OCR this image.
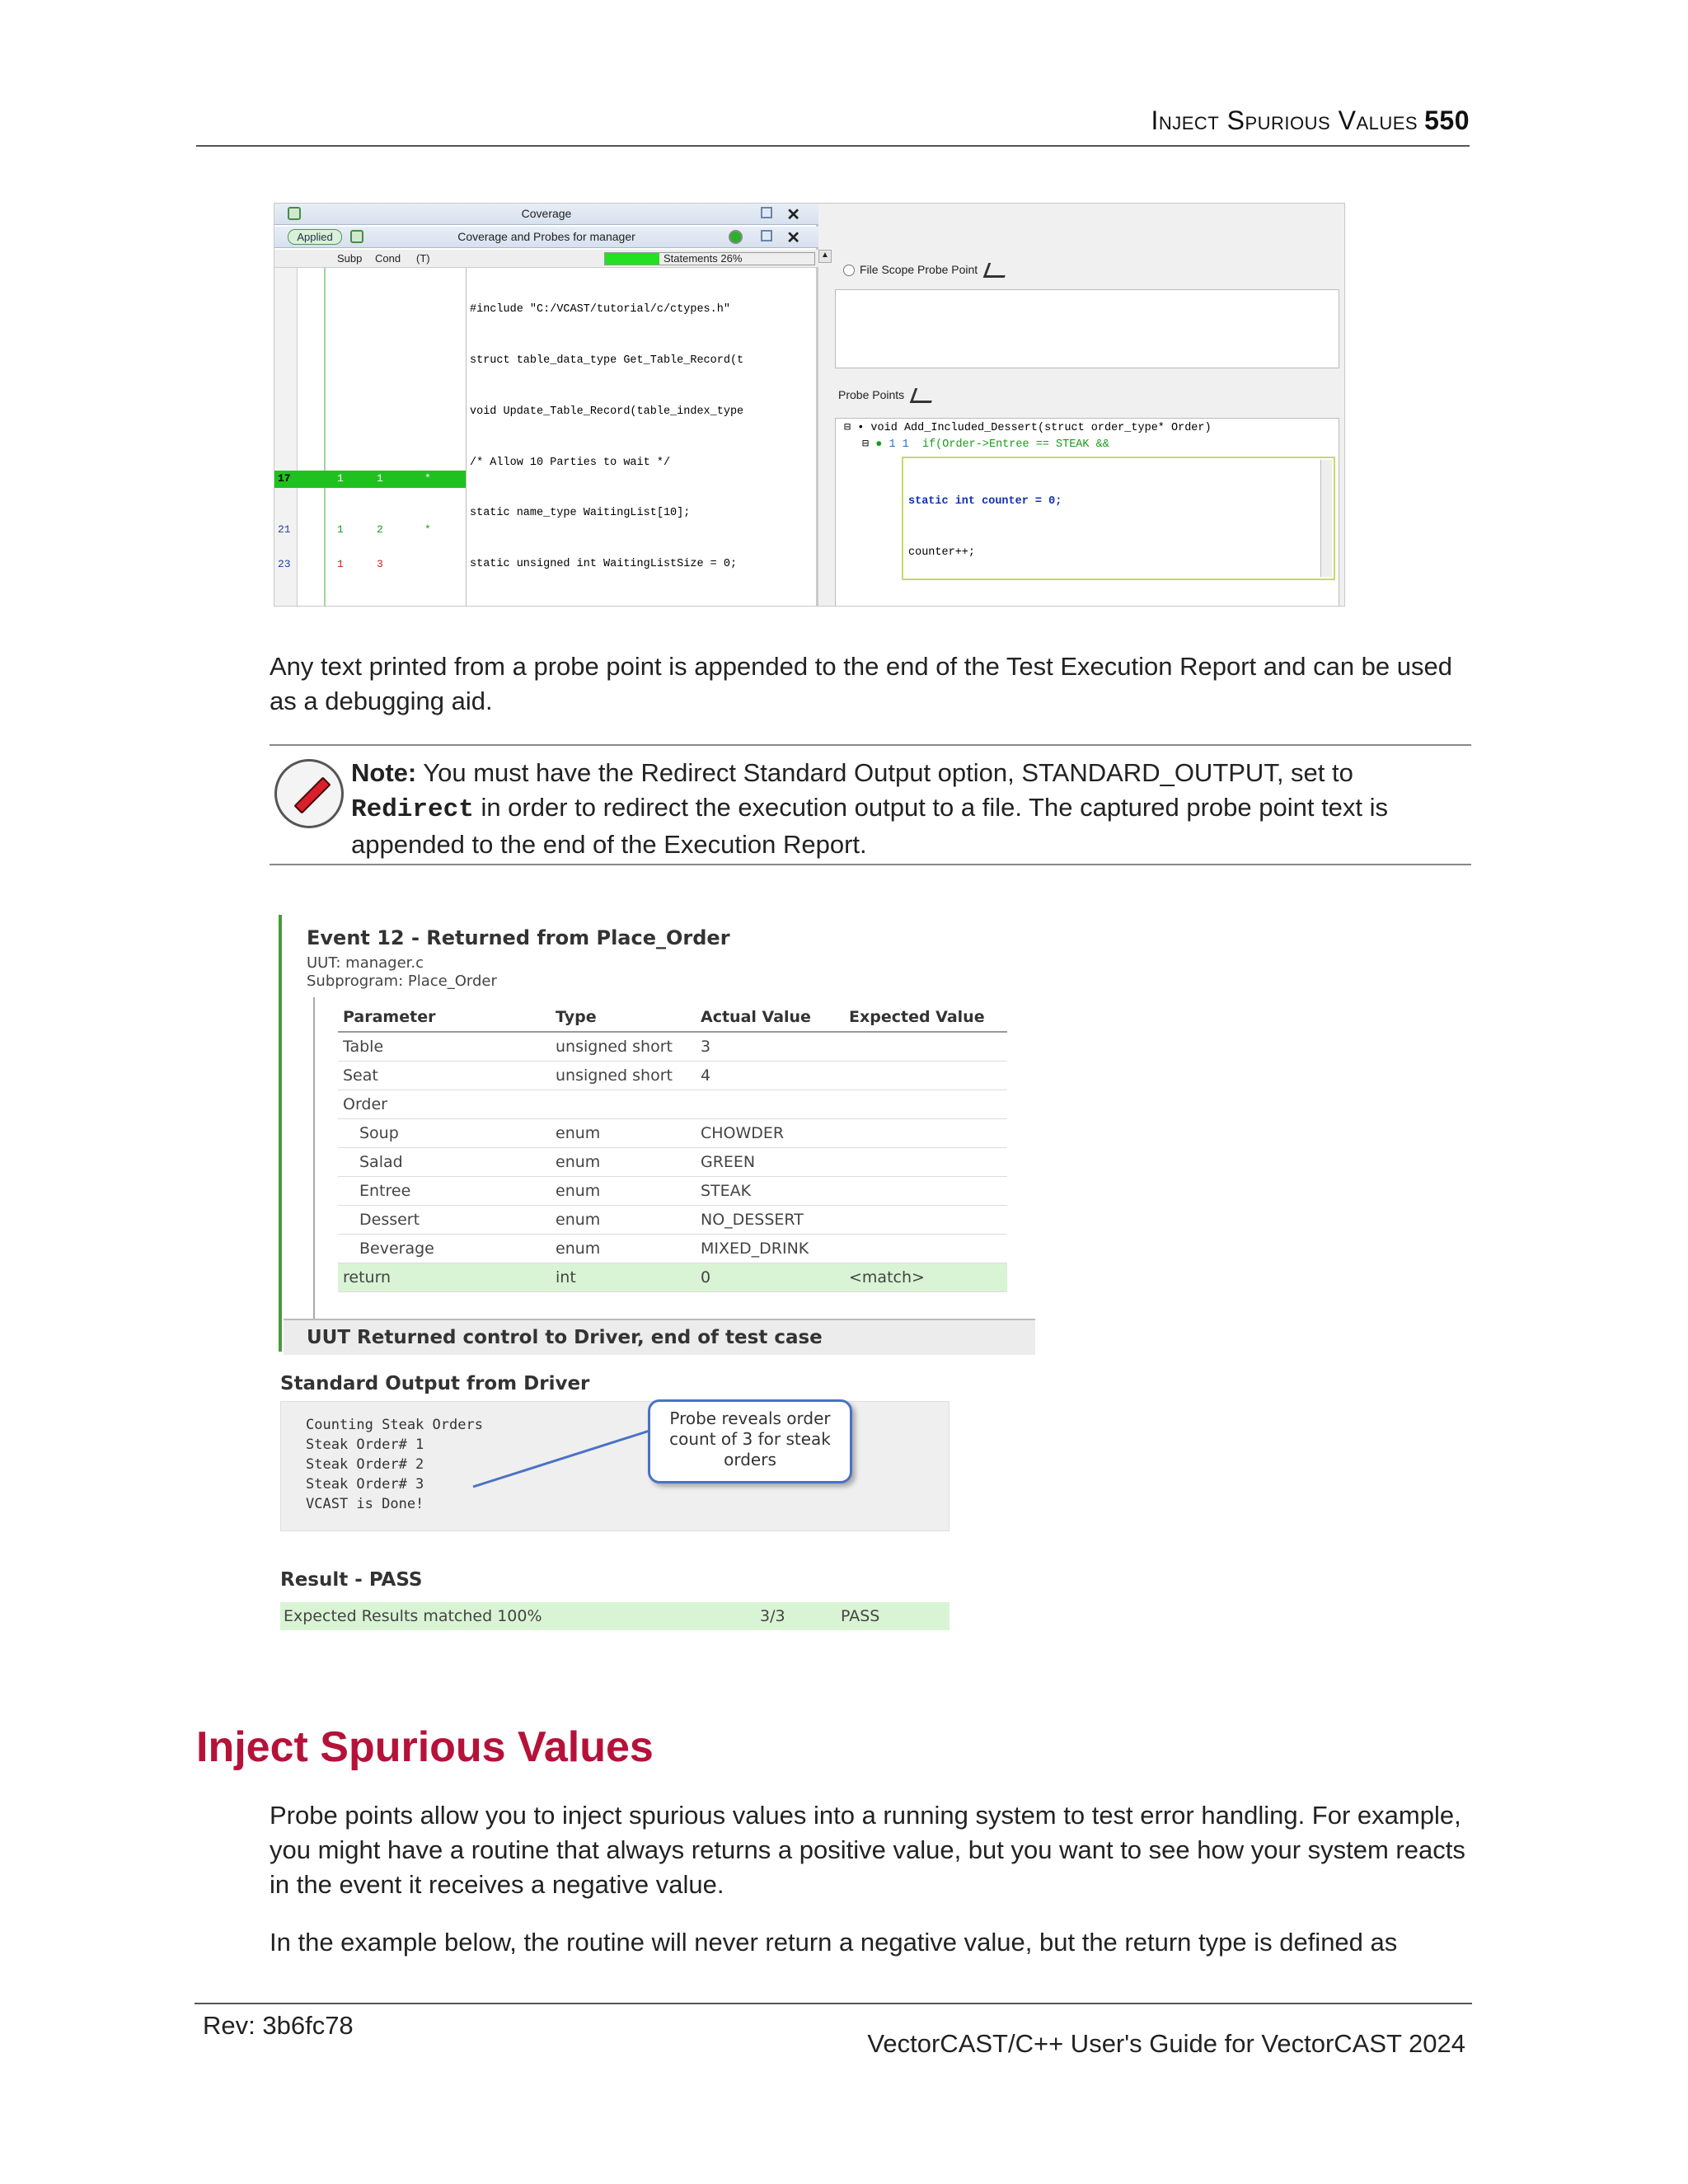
Inject Spurious Values 550
Coverage	✕
Applied	Coverage and Probes for manager	✕
Subp Cond (T)	Statements 26%	▲
17	1	1	*
21	1	2	*
23	1	3

#include "C:/VCAST/tutorial/c/ctypes.h"

struct table_data_type Get_Table_Record(t

void Update_Table_Record(table_index_type

/* Allow 10 Parties to wait */

static name_type WaitingList[10];

static unsigned int WaitingListSize = 0;

File Scope Probe Point
Probe Points

⊟ • void Add_Included_Dessert(struct order_type* Order)

⊟ ● 1 1 if(Order->Entree == STEAK &&

static int counter = 0;

counter++;

Any text printed from a probe point is appended to the end of the Test Execution Report and can be used as a debugging aid.
Note: You must have the Redirect Standard Output option, STANDARD_OUTPUT, set to Redirect in order to redirect the execution output to a file. The captured probe point text is appended to the end of the Execution Report.
Event 12 - Returned from Place_Order
UUT: manager.c
Subprogram: Place_Order
Parameter	Type	Actual Value	Expected Value
Table	unsigned short	3	
Seat	unsigned short	4	
Order			
Soup	enum	CHOWDER	
Salad	enum	GREEN	
Entree	enum	STEAK	
Dessert	enum	NO_DESSERT	
Beverage	enum	MIXED_DRINK	
return	int	0	<match>
UUT Returned control to Driver, end of test case
Standard Output from Driver
Counting Steak Orders
Steak Order# 1
Steak Order# 2
Steak Order# 3
VCAST is Done!
Probe reveals order count of 3 for steak orders
Result - PASS
Expected Results matched 100%	3/3	PASS
Inject Spurious Values
Probe points allow you to inject spurious values into a running system to test error handling. For example, you might have a routine that always returns a positive value, but you want to see how your system reacts in the event it receives a negative value.
In the example below, the routine will never return a negative value, but the return type is defined as
Rev: 3b6fc78
VectorCAST/C++ User's Guide for VectorCAST 2024
